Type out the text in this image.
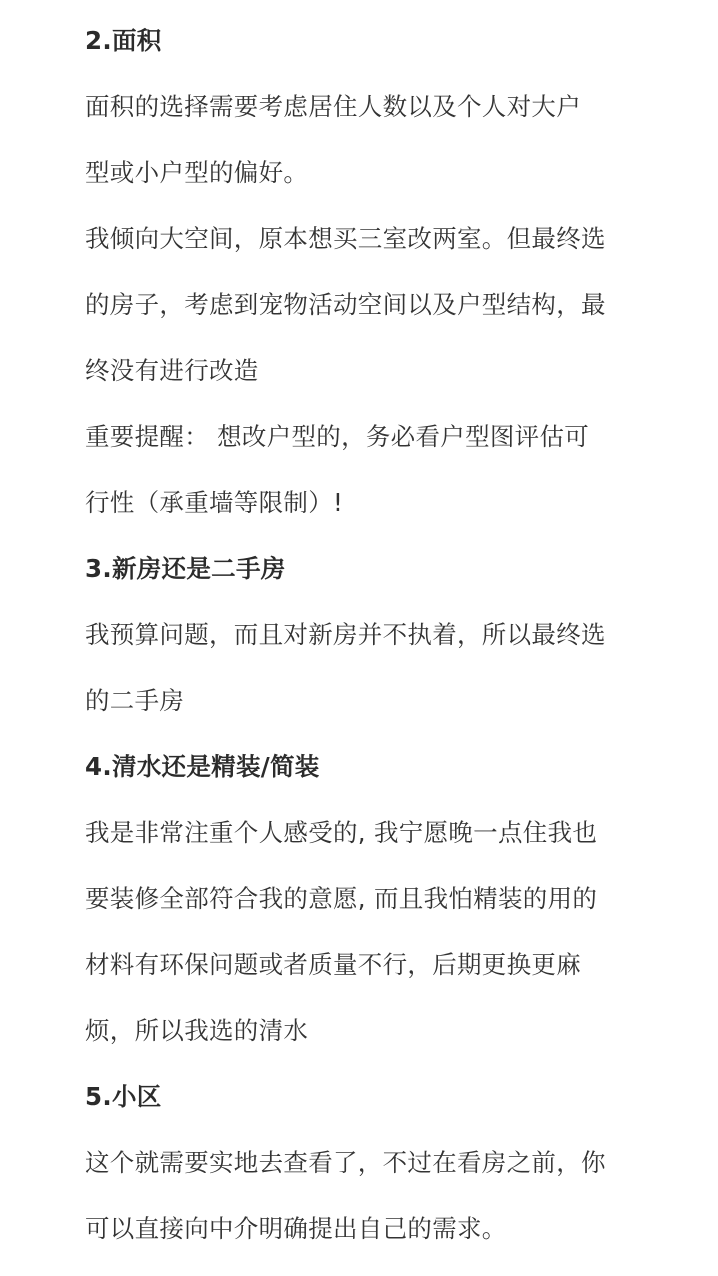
2.面积
面积的选择需要考虑居住人数以及个人对大户
型或小户型的偏好。
我倾向大空间，原本想买三室改两室。但最终选
的房子，考虑到宠物活动空间以及户型结构，最
终没有进行改造
重要提醒： 想改户型的，务必看户型图评估可
行性（承重墙等限制）!
3.新房还是二手房
我预算问题，而且对新房并不执着，所以最终选
的二手房
4.清水还是精装/简装
我是非常注重个人感受的, 我宁愿晚一点住我也
要装修全部符合我的意愿, 而且我怕精装的用的
材料有环保问题或者质量不行，后期更换更麻
烦，所以我选的清水
5.小区
这个就需要实地去查看了，不过在看房之前，你
可以直接向中介明确提出自己的需求。
